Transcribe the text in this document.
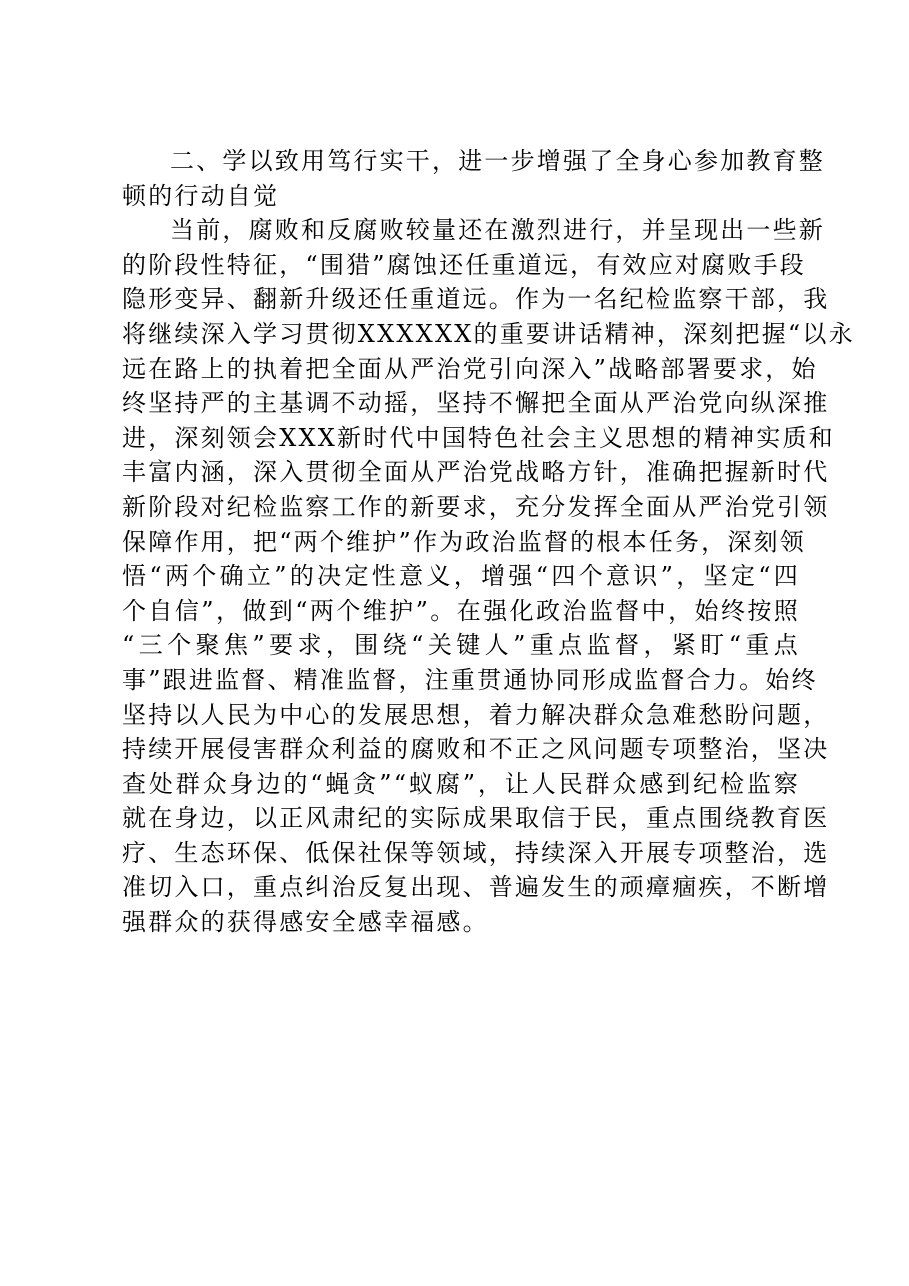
二、学以致用笃行实干，进一步增强了全身心参加教育整
顿的行动自觉
当前，腐败和反腐败较量还在激烈进行，并呈现出一些新
的阶段性特征，“围猎”腐蚀还任重道远，有效应对腐败手段
隐形变异、翻新升级还任重道远。作为一名纪检监察干部，我
将继续深入学习贯彻XXXXXX的重要讲话精神，深刻把握“以永
远在路上的执着把全面从严治党引向深入”战略部署要求，始
终坚持严的主基调不动摇，坚持不懈把全面从严治党向纵深推
进，深刻领会XXX新时代中国特色社会主义思想的精神实质和
丰富内涵，深入贯彻全面从严治党战略方针，准确把握新时代
新阶段对纪检监察工作的新要求，充分发挥全面从严治党引领
保障作用，把“两个维护”作为政治监督的根本任务，深刻领
悟“两个确立”的决定性意义，增强“四个意识”，坚定“四
个自信”，做到“两个维护”。在强化政治监督中，始终按照
“三个聚焦”要求，围绕“关键人”重点监督，紧盯“重点
事”跟进监督、精准监督，注重贯通协同形成监督合力。始终
坚持以人民为中心的发展思想，着力解决群众急难愁盼问题，
持续开展侵害群众利益的腐败和不正之风问题专项整治，坚决
查处群众身边的“蝇贪”“蚁腐”，让人民群众感到纪检监察
就在身边，以正风肃纪的实际成果取信于民，重点围绕教育医
疗、生态环保、低保社保等领域，持续深入开展专项整治，选
准切入口，重点纠治反复出现、普遍发生的顽瘴痼疾，不断增
强群众的获得感安全感幸福感。
